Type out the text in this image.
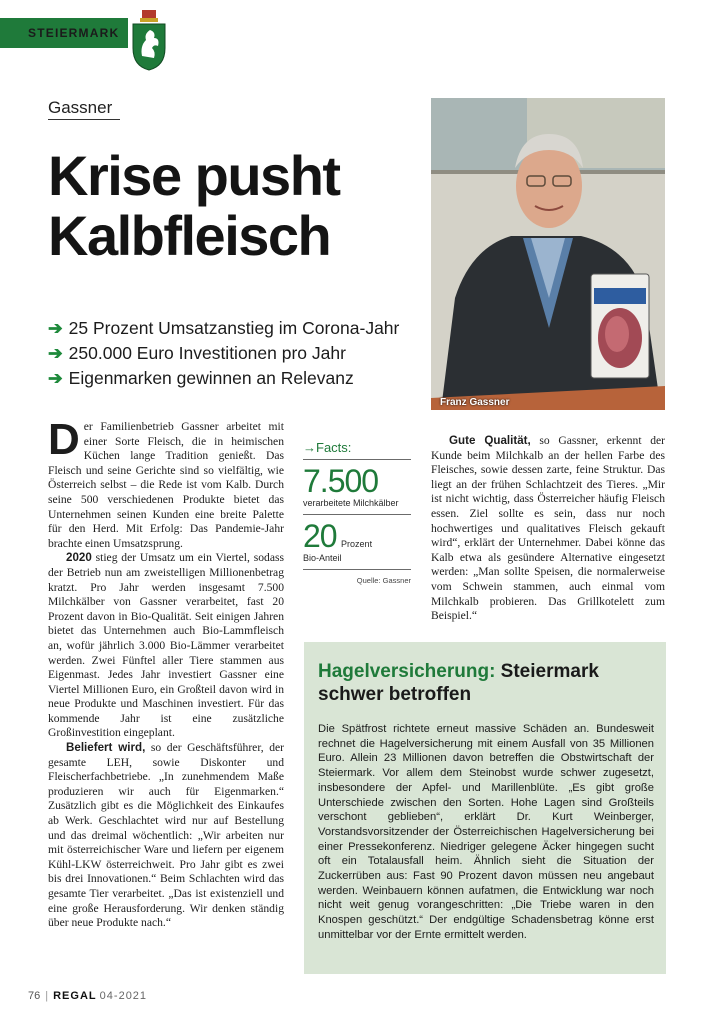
STEIERMARK
Gassner
Krise pusht Kalbfleisch
➔ 25 Prozent Umsatzanstieg im Corona-Jahr
➔ 250.000 Euro Investitionen pro Jahr
➔ Eigenmarken gewinnen an Relevanz
Franz Gassner

Der Familienbetrieb Gassner arbeitet mit einer Sorte Fleisch, die in heimischen Küchen lange Tradition genießt. Das Fleisch und seine Gerichte sind so vielfältig, wie Österreich selbst – die Rede ist vom Kalb. Durch seine 500 verschiedenen Produkte bietet das Unternehmen seinen Kunden eine breite Palette für den Herd. Mit Erfolg: Das Pandemie-Jahr brachte einen Umsatzsprung.

2020 stieg der Umsatz um ein Viertel, sodass der Betrieb nun am zweistelligen Millionenbetrag kratzt. Pro Jahr werden insgesamt 7.500 Milchkälber von Gassner verarbeitet, fast 20 Prozent davon in Bio-Qualität. Seit einigen Jahren bietet das Unternehmen auch Bio-Lammfleisch an, wofür jährlich 3.000 Bio-Lämmer verarbeitet werden. Zwei Fünftel aller Tiere stammen aus Eigenmast. Jedes Jahr investiert Gassner eine Viertel Millionen Euro, ein Großteil davon wird in neue Produkte und Maschinen investiert. Für das kommende Jahr ist eine zusätzliche Großinvestition eingeplant.

Beliefert wird, so der Geschäftsführer, der gesamte LEH, sowie Diskonter und Fleischerfachbetriebe. „In zunehmendem Maße produzieren wir auch für Eigenmarken.“ Zusätzlich gibt es die Möglichkeit des Einkaufes ab Werk. Geschlachtet wird nur auf Bestellung und das dreimal wöchentlich: „Wir arbeiten nur mit österreichischer Ware und liefern per eigenem Kühl-LKW österreichweit. Pro Jahr gibt es zwei bis drei Innovationen.“ Beim Schlachten wird das gesamte Tier verarbeitet. „Das ist existenziell und eine große Herausforderung. Wir denken ständig über neue Produkte nach.“

→Facts:
7.500
verarbeitete Milchkälber
20 Prozent
Bio-Anteil
Quelle: Gassner

Gute Qualität, so Gassner, erkennt der Kunde beim Milchkalb an der hellen Farbe des Fleisches, sowie dessen zarte, feine Struktur. Das liegt an der frühen Schlachtzeit des Tieres. „Mir ist nicht wichtig, dass Österreicher häufig Fleisch essen. Ziel sollte es sein, dass nur noch hochwertiges und qualitatives Fleisch gekauft wird“, erklärt der Unternehmer. Dabei könne das Kalb etwa als gesündere Alternative eingesetzt werden: „Man sollte Speisen, die normalerweise vom Schwein stammen, auch einmal vom Milchkalb probieren. Das Grillkotelett zum Beispiel.“

Hagelversicherung: Steiermark schwer betroffen
Die Spätfrost richtete erneut massive Schäden an. Bundesweit rechnet die Hagelversicherung mit einem Ausfall von 35 Millionen Euro. Allein 23 Millionen davon betreffen die Obstwirtschaft der Steiermark. Vor allem dem Steinobst wurde schwer zugesetzt, insbesondere der Apfel- und Marillenblüte. „Es gibt große Unterschiede zwischen den Sorten. Hohe Lagen sind Großteils verschont geblieben“, erklärt Dr. Kurt Weinberger, Vorstandsvorsitzender der Österreichischen Hagelversicherung bei einer Pressekonferenz. Niedriger gelegene Äcker hingegen sucht oft ein Totalausfall heim. Ähnlich sieht die Situation der Zuckerrüben aus: Fast 90 Prozent davon müssen neu angebaut werden. Weinbauern können aufatmen, die Entwicklung war noch nicht weit genug vorangeschritten: „Die Triebe waren in den Knospen geschützt.“ Der endgültige Schadensbetrag könne erst unmittelbar vor der Ernte ermittelt werden.
76 | REGAL 04-2021
